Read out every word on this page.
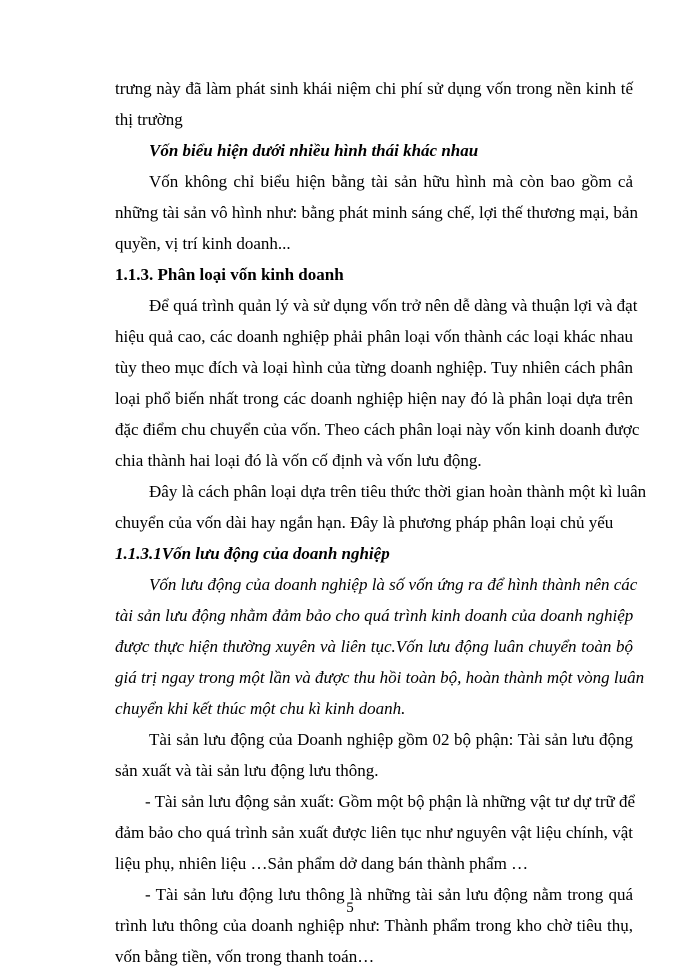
trưng này đã làm phát sinh khái niệm chi phí sử dụng vốn trong nền kinh tế
thị trường
Vốn biểu hiện dưới nhiều hình thái khác nhau
Vốn không chỉ biểu hiện bằng tài sản hữu hình mà còn bao gồm cả
những tài sản vô hình như: bằng phát minh sáng chế, lợi thế thương mại, bản
quyền, vị trí kinh doanh...
1.1.3. Phân loại vốn kinh doanh
Để quá trình quản lý và sử dụng vốn trở nên dễ dàng và thuận lợi và đạt
hiệu quả cao, các doanh nghiệp phải phân loại vốn thành các loại khác nhau
tùy theo mục đích và loại hình của từng doanh nghiệp. Tuy nhiên cách phân
loại phổ biến nhất trong các doanh nghiệp hiện nay đó là phân loại dựa trên
đặc điểm chu chuyển của vốn. Theo cách phân loại này vốn kinh doanh được
chia thành hai loại đó là vốn cố định và vốn lưu động.
Đây là cách phân loại dựa trên tiêu thức thời gian hoàn thành một kì luân
chuyển của vốn dài hay ngắn hạn. Đây là phương pháp phân loại chủ yếu
1.1.3.1Vốn lưu động của doanh nghiệp
Vốn lưu động của doanh nghiệp là số vốn ứng ra để hình thành nên các
tài sản lưu động nhằm đảm bảo cho quá trình kinh doanh của doanh nghiệp
được thực hiện thường xuyên và liên tục.Vốn lưu động luân chuyển toàn bộ
giá trị ngay trong một lần và được thu hồi toàn bộ, hoàn thành một vòng luân
chuyển khi kết thúc một chu kì kinh doanh.
Tài sản lưu động của Doanh nghiệp gồm 02 bộ phận: Tài sản lưu động
sản xuất và tài sản lưu động lưu thông.
- Tài sản lưu động sản xuất: Gồm một bộ phận là những vật tư dự trữ để
đảm bảo cho quá trình sản xuất được liên tục như nguyên vật liệu chính, vật
liệu phụ, nhiên liệu …Sản phẩm dở dang bán thành phẩm …
- Tài sản lưu động lưu thông là những tài sản lưu động nằm trong quá
trình lưu thông của doanh nghiệp như: Thành phẩm trong kho chờ tiêu thụ,
vốn bằng tiền, vốn trong thanh toán…
5
